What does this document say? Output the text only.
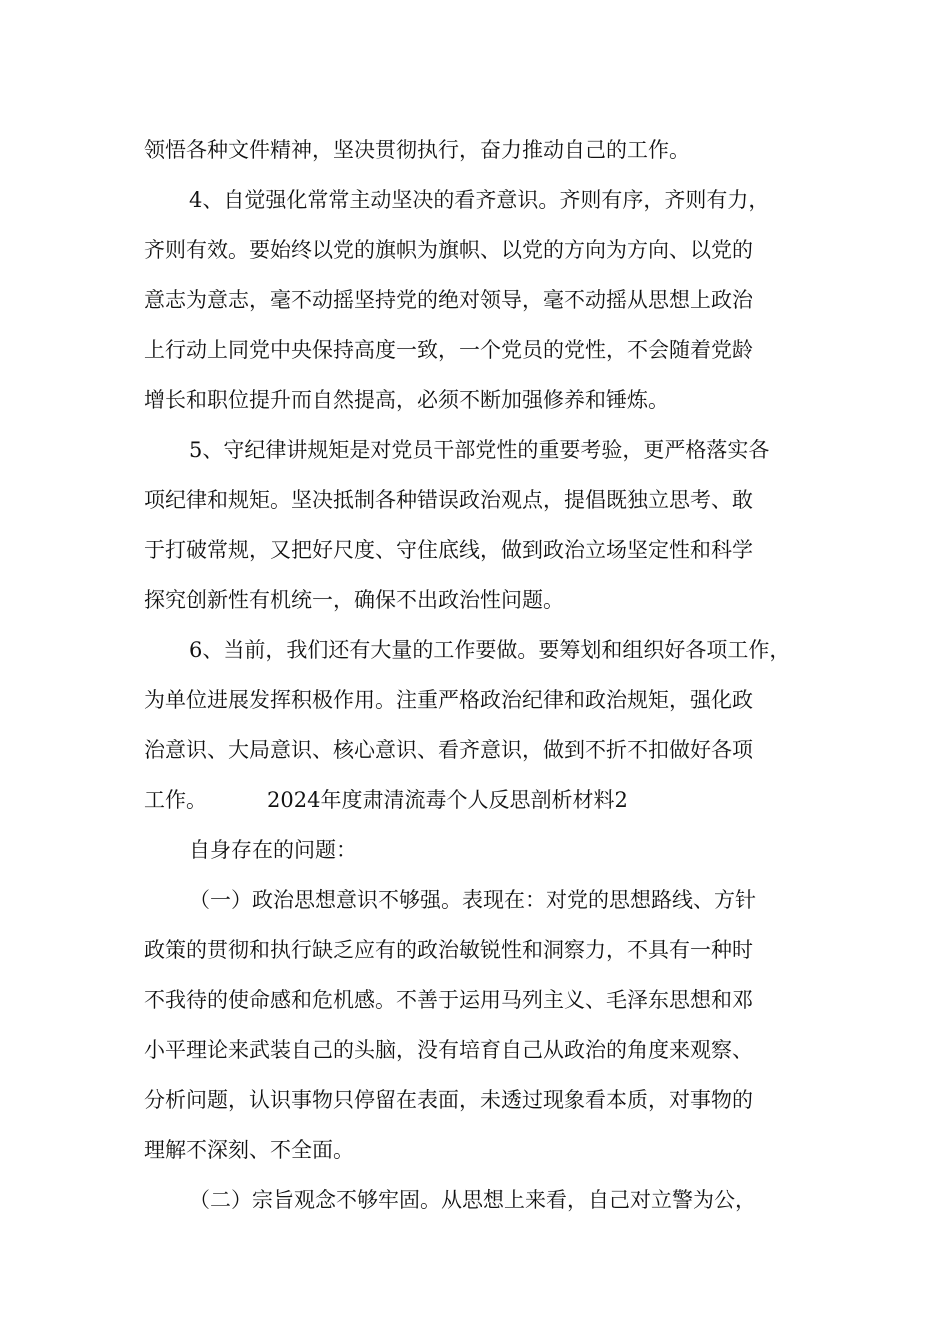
领悟各种文件精神，坚决贯彻执行，奋力推动自己的工作。

4、自觉强化常常主动坚决的看齐意识。齐则有序，齐则有力，

齐则有效。要始终以党的旗帜为旗帜、以党的方向为方向、以党的

意志为意志，毫不动摇坚持党的绝对领导，毫不动摇从思想上政治

上行动上同党中央保持高度一致，一个党员的党性，不会随着党龄

增长和职位提升而自然提高，必须不断加强修养和锤炼。

5、守纪律讲规矩是对党员干部党性的重要考验，更严格落实各

项纪律和规矩。坚决抵制各种错误政治观点，提倡既独立思考、敢

于打破常规，又把好尺度、守住底线，做到政治立场坚定性和科学

探究创新性有机统一，确保不出政治性问题。

6、当前，我们还有大量的工作要做。要筹划和组织好各项工作，

为单位进展发挥积极作用。注重严格政治纪律和政治规矩，强化政

治意识、大局意识、核心意识、看齐意识，做到不折不扣做好各项

工作。	2024年度肃清流毒个人反思剖析材料2

自身存在的问题：

（一）政治思想意识不够强。表现在：对党的思想路线、方针

政策的贯彻和执行缺乏应有的政治敏锐性和洞察力，不具有一种时

不我待的使命感和危机感。不善于运用马列主义、毛泽东思想和邓

小平理论来武装自己的头脑，没有培育自己从政治的角度来观察、

分析问题，认识事物只停留在表面，未透过现象看本质，对事物的

理解不深刻、不全面。

（二）宗旨观念不够牢固。从思想上来看，自己对立警为公，
